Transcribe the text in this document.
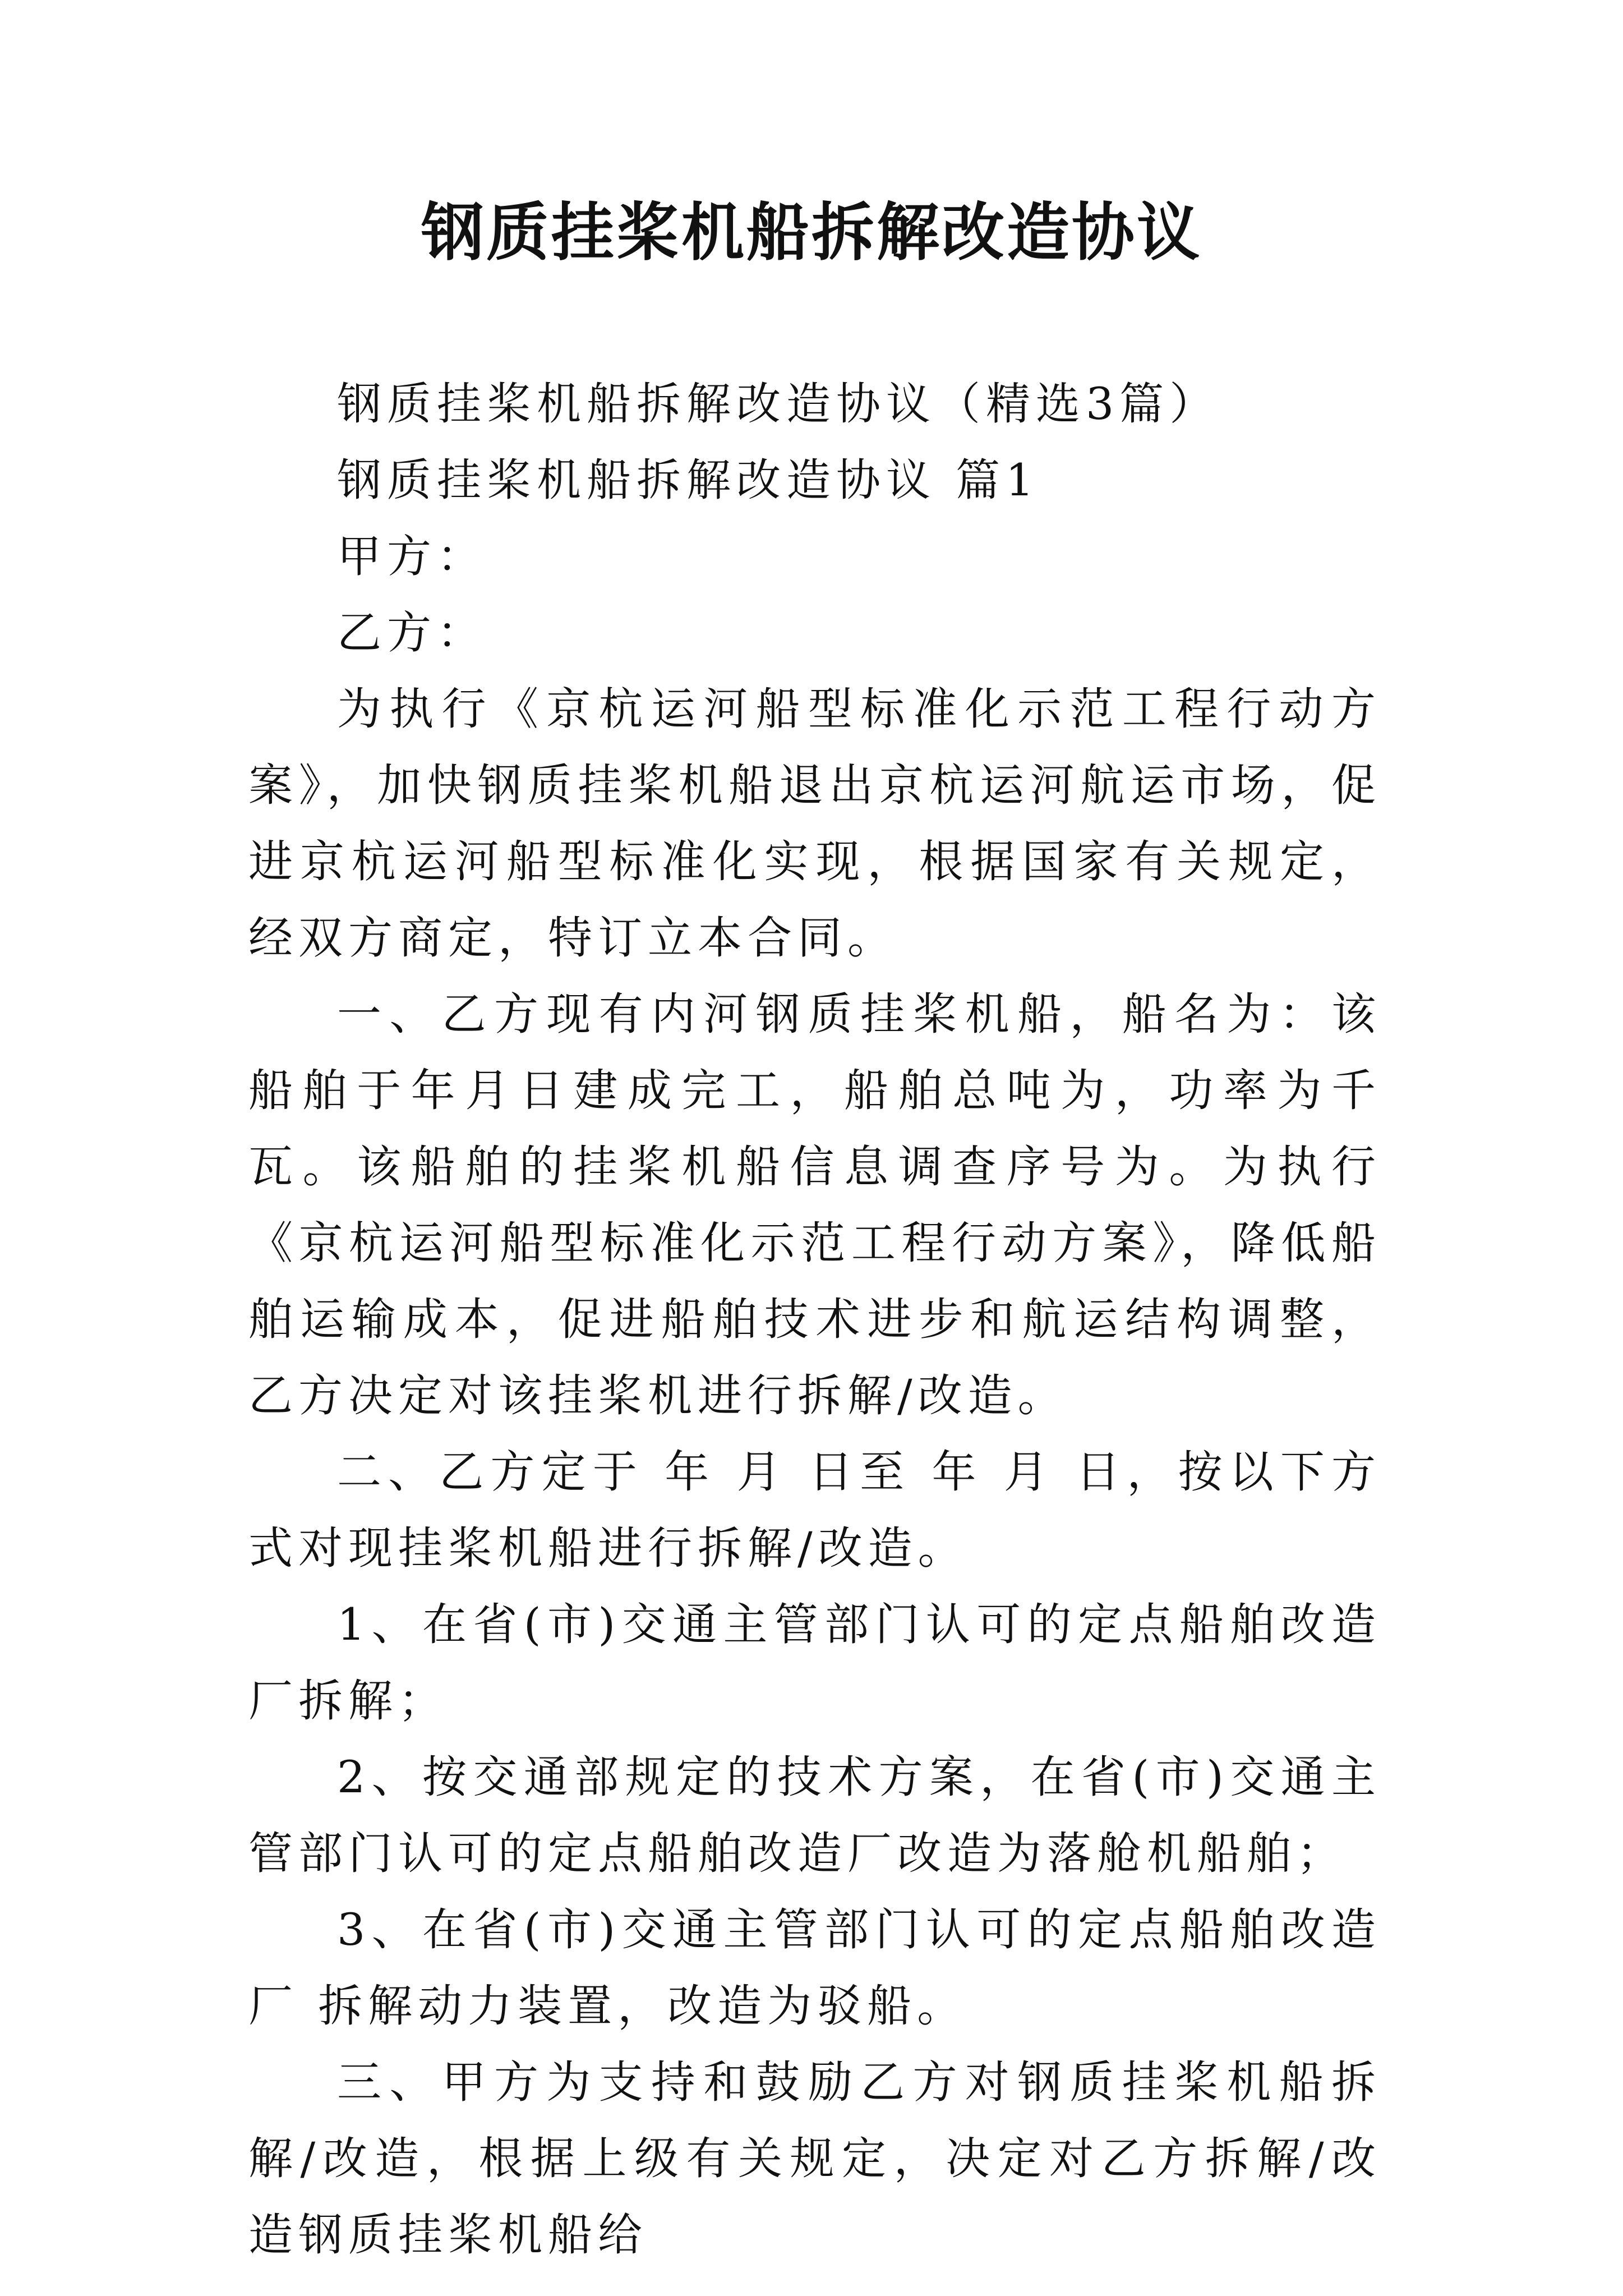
钢质挂桨机船拆解改造协议

钢质挂桨机船拆解改造协议（精选3篇）

钢质挂桨机船拆解改造协议 篇1

甲方：

乙方：

为执行《京杭运河船型标准化示范工程行动方案》，加快钢质挂桨机船退出京杭运河航运市场，促进京杭运河船型标准化实现，根据国家有关规定，经双方商定，特订立本合同。

一、乙方现有内河钢质挂桨机船，船名为：该船舶于年月日建成完工，船舶总吨为，功率为千瓦。该船舶的挂桨机船信息调查序号为。为执行《京杭运河船型标准化示范工程行动方案》，降低船舶运输成本，促进船舶技术进步和航运结构调整，乙方决定对该挂桨机进行拆解/改造。

二、乙方定于 年 月 日至 年 月 日，按以下方式对现挂桨机船进行拆解/改造。

1、在省(市)交通主管部门认可的定点船舶改造厂拆解；

2、按交通部规定的技术方案，在省(市)交通主管部门认可的定点船舶改造厂改造为落舱机船舶；

3、在省(市)交通主管部门认可的定点船舶改造厂 拆解动力装置，改造为驳船。

三、甲方为支持和鼓励乙方对钢质挂桨机船拆解/改造，根据上级有关规定，决定对乙方拆解/改造钢质挂桨机船给
